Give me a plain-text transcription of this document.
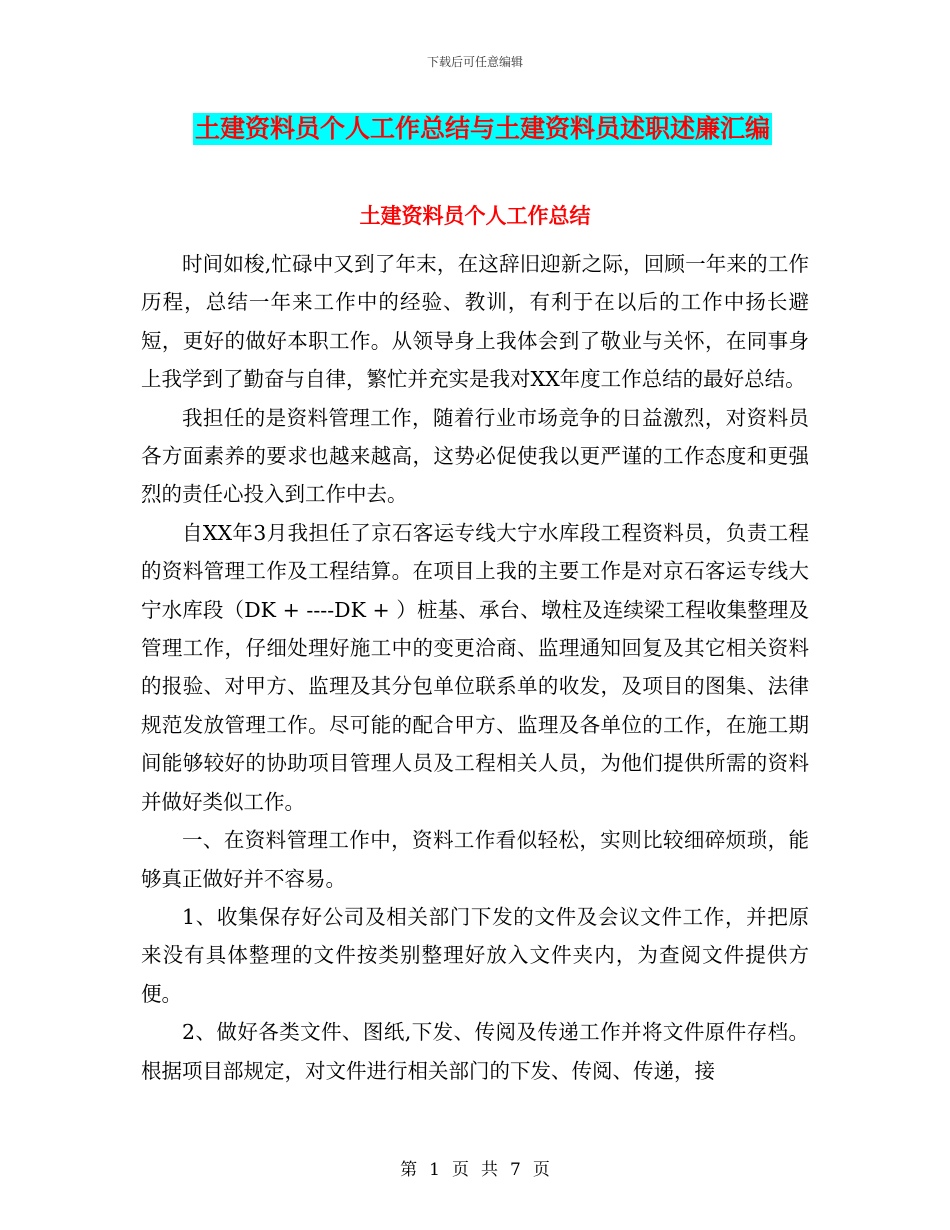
下载后可任意编辑
土建资料员个人工作总结与土建资料员述职述廉汇编
土建资料员个人工作总结

时间如梭,忙碌中又到了年末，在这辞旧迎新之际，回顾一年来的工作历程，总结一年来工作中的经验、教训，有利于在以后的工作中扬长避短，更好的做好本职工作。从领导身上我体会到了敬业与关怀，在同事身上我学到了勤奋与自律，繁忙并充实是我对XX年度工作总结的最好总结。

我担任的是资料管理工作，随着行业市场竞争的日益激烈，对资料员各方面素养的要求也越来越高，这势必促使我以更严谨的工作态度和更强烈的责任心投入到工作中去。

自XX年3月我担任了京石客运专线大宁水库段工程资料员，负责工程的资料管理工作及工程结算。在项目上我的主要工作是对京石客运专线大宁水库段（DK + ----DK + ）桩基、承台、墩柱及连续梁工程收集整理及管理工作，仔细处理好施工中的变更洽商、监理通知回复及其它相关资料的报验、对甲方、监理及其分包单位联系单的收发，及项目的图集、法律规范发放管理工作。尽可能的配合甲方、监理及各单位的工作，在施工期间能够较好的协助项目管理人员及工程相关人员，为他们提供所需的资料并做好类似工作。

一、在资料管理工作中，资料工作看似轻松，实则比较细碎烦琐，能够真正做好并不容易。

1、收集保存好公司及相关部门下发的文件及会议文件工作，并把原来没有具体整理的文件按类别整理好放入文件夹内，为查阅文件提供方便。

2、做好各类文件、图纸,下发、传阅及传递工作并将文件原件存档。根据项目部规定，对文件进行相关部门的下发、传阅、传递，接

第 1 页 共 7 页
